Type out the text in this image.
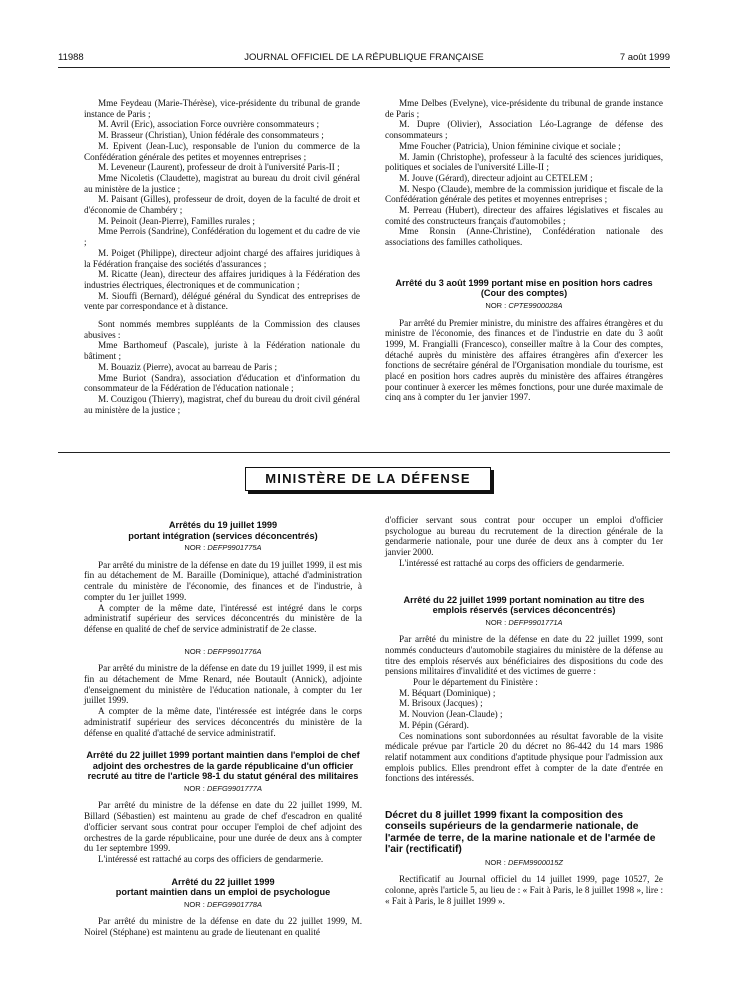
11988	JOURNAL OFFICIEL DE LA RÉPUBLIQUE FRANÇAISE	7 août 1999

Mme Feydeau (Marie-Thérèse), vice-présidente du tribunal de grande instance de Paris ;

M. Avril (Eric), association Force ouvrière consommateurs ;

M. Brasseur (Christian), Union fédérale des consommateurs ;

M. Epivent (Jean-Luc), responsable de l'union du commerce de la Confédération générale des petites et moyennes entreprises ;

M. Leveneur (Laurent), professeur de droit à l'université Paris-II ;

Mme Nicoletis (Claudette), magistrat au bureau du droit civil général au ministère de la justice ;

M. Paisant (Gilles), professeur de droit, doyen de la faculté de droit et d'économie de Chambéry ;

M. Peinoit (Jean-Pierre), Familles rurales ;

Mme Perrois (Sandrine), Confédération du logement et du cadre de vie ;

M. Poiget (Philippe), directeur adjoint chargé des affaires juridiques à la Fédération française des sociétés d'assurances ;

M. Ricatte (Jean), directeur des affaires juridiques à la Fédération des industries électriques, électroniques et de communication ;

M. Siouffi (Bernard), délégué général du Syndicat des entreprises de vente par correspondance et à distance.

Sont nommés membres suppléants de la Commission des clauses abusives :

Mme Barthomeuf (Pascale), juriste à la Fédération nationale du bâtiment ;

M. Bouaziz (Pierre), avocat au barreau de Paris ;

Mme Buriot (Sandra), association d'éducation et d'information du consommateur de la Fédération de l'éducation nationale ;

M. Couzigou (Thierry), magistrat, chef du bureau du droit civil général au ministère de la justice ;

Mme Delbes (Evelyne), vice-présidente du tribunal de grande instance de Paris ;

M. Dupre (Olivier), Association Léo-Lagrange de défense des consommateurs ;

Mme Foucher (Patricia), Union féminine civique et sociale ;

M. Jamin (Christophe), professeur à la faculté des sciences juridiques, politiques et sociales de l'université Lille-II ;

M. Jouve (Gérard), directeur adjoint au CETELEM ;

M. Nespo (Claude), membre de la commission juridique et fiscale de la Confédération générale des petites et moyennes entreprises ;

M. Perreau (Hubert), directeur des affaires législatives et fiscales au comité des constructeurs français d'automobiles ;

Mme Ronsin (Anne-Christine), Confédération nationale des associations des familles catholiques.

Arrêté du 3 août 1999 portant mise en position hors cadres (Cour des comptes)

NOR : CPTE9900028A

Par arrêté du Premier ministre, du ministre des affaires étrangères et du ministre de l'économie, des finances et de l'industrie en date du 3 août 1999, M. Frangialli (Francesco), conseiller maître à la Cour des comptes, détaché auprès du ministère des affaires étrangères afin d'exercer les fonctions de secrétaire général de l'Organisation mondiale du tourisme, est placé en position hors cadres auprès du ministère des affaires étrangères pour continuer à exercer les mêmes fonctions, pour une durée maximale de cinq ans à compter du 1er janvier 1997.

MINISTÈRE DE LA DÉFENSE

Arrêtés du 19 juillet 1999

portant intégration (services déconcentrés)

NOR : DEFP9901775A

Par arrêté du ministre de la défense en date du 19 juillet 1999, il est mis fin au détachement de M. Baraille (Dominique), attaché d'administration centrale du ministère de l'économie, des finances et de l'industrie, à compter du 1er juillet 1999.

A compter de la même date, l'intéressé est intégré dans le corps administratif supérieur des services déconcentrés du ministère de la défense en qualité de chef de service administratif de 2e classe.

NOR : DEFP9901776A

Par arrêté du ministre de la défense en date du 19 juillet 1999, il est mis fin au détachement de Mme Renard, née Boutault (Annick), adjointe d'enseignement du ministère de l'éducation nationale, à compter du 1er juillet 1999.

A compter de la même date, l'intéressée est intégrée dans le corps administratif supérieur des services déconcentrés du ministère de la défense en qualité d'attaché de service administratif.

Arrêté du 22 juillet 1999 portant maintien dans l'emploi de chef adjoint des orchestres de la garde républicaine d'un officier recruté au titre de l'article 98-1 du statut général des militaires

NOR : DEFG9901777A

Par arrêté du ministre de la défense en date du 22 juillet 1999, M. Billard (Sébastien) est maintenu au grade de chef d'escadron en qualité d'officier servant sous contrat pour occuper l'emploi de chef adjoint des orchestres de la garde républicaine, pour une durée de deux ans à compter du 1er septembre 1999.

L'intéressé est rattaché au corps des officiers de gendarmerie.

Arrêté du 22 juillet 1999

portant maintien dans un emploi de psychologue

NOR : DEFG9901778A

Par arrêté du ministre de la défense en date du 22 juillet 1999, M. Noirel (Stéphane) est maintenu au grade de lieutenant en qualité

d'officier servant sous contrat pour occuper un emploi d'officier psychologue au bureau du recrutement de la direction générale de la gendarmerie nationale, pour une durée de deux ans à compter du 1er janvier 2000.

L'intéressé est rattaché au corps des officiers de gendarmerie.

Arrêté du 22 juillet 1999 portant nomination au titre des emplois réservés (services déconcentrés)

NOR : DEFP9901771A

Par arrêté du ministre de la défense en date du 22 juillet 1999, sont nommés conducteurs d'automobile stagiaires du ministère de la défense au titre des emplois réservés aux bénéficiaires des dispositions du code des pensions militaires d'invalidité et des victimes de guerre :

Pour le département du Finistère :

M. Béquart (Dominique) ;

M. Brisoux (Jacques) ;

M. Nouvion (Jean-Claude) ;

M. Pépin (Gérard).

Ces nominations sont subordonnées au résultat favorable de la visite médicale prévue par l'article 20 du décret no 86-442 du 14 mars 1986 relatif notamment aux conditions d'aptitude physique pour l'admission aux emplois publics. Elles prendront effet à compter de la date d'entrée en fonctions des intéressés.

Décret du 8 juillet 1999 fixant la composition des conseils supérieurs de la gendarmerie nationale, de l'armée de terre, de la marine nationale et de l'armée de l'air (rectificatif)

NOR : DEFM9900015Z

Rectificatif au Journal officiel du 14 juillet 1999, page 10527, 2e colonne, après l'article 5, au lieu de : « Fait à Paris, le 8 juillet 1998 », lire : « Fait à Paris, le 8 juillet 1999 ».
